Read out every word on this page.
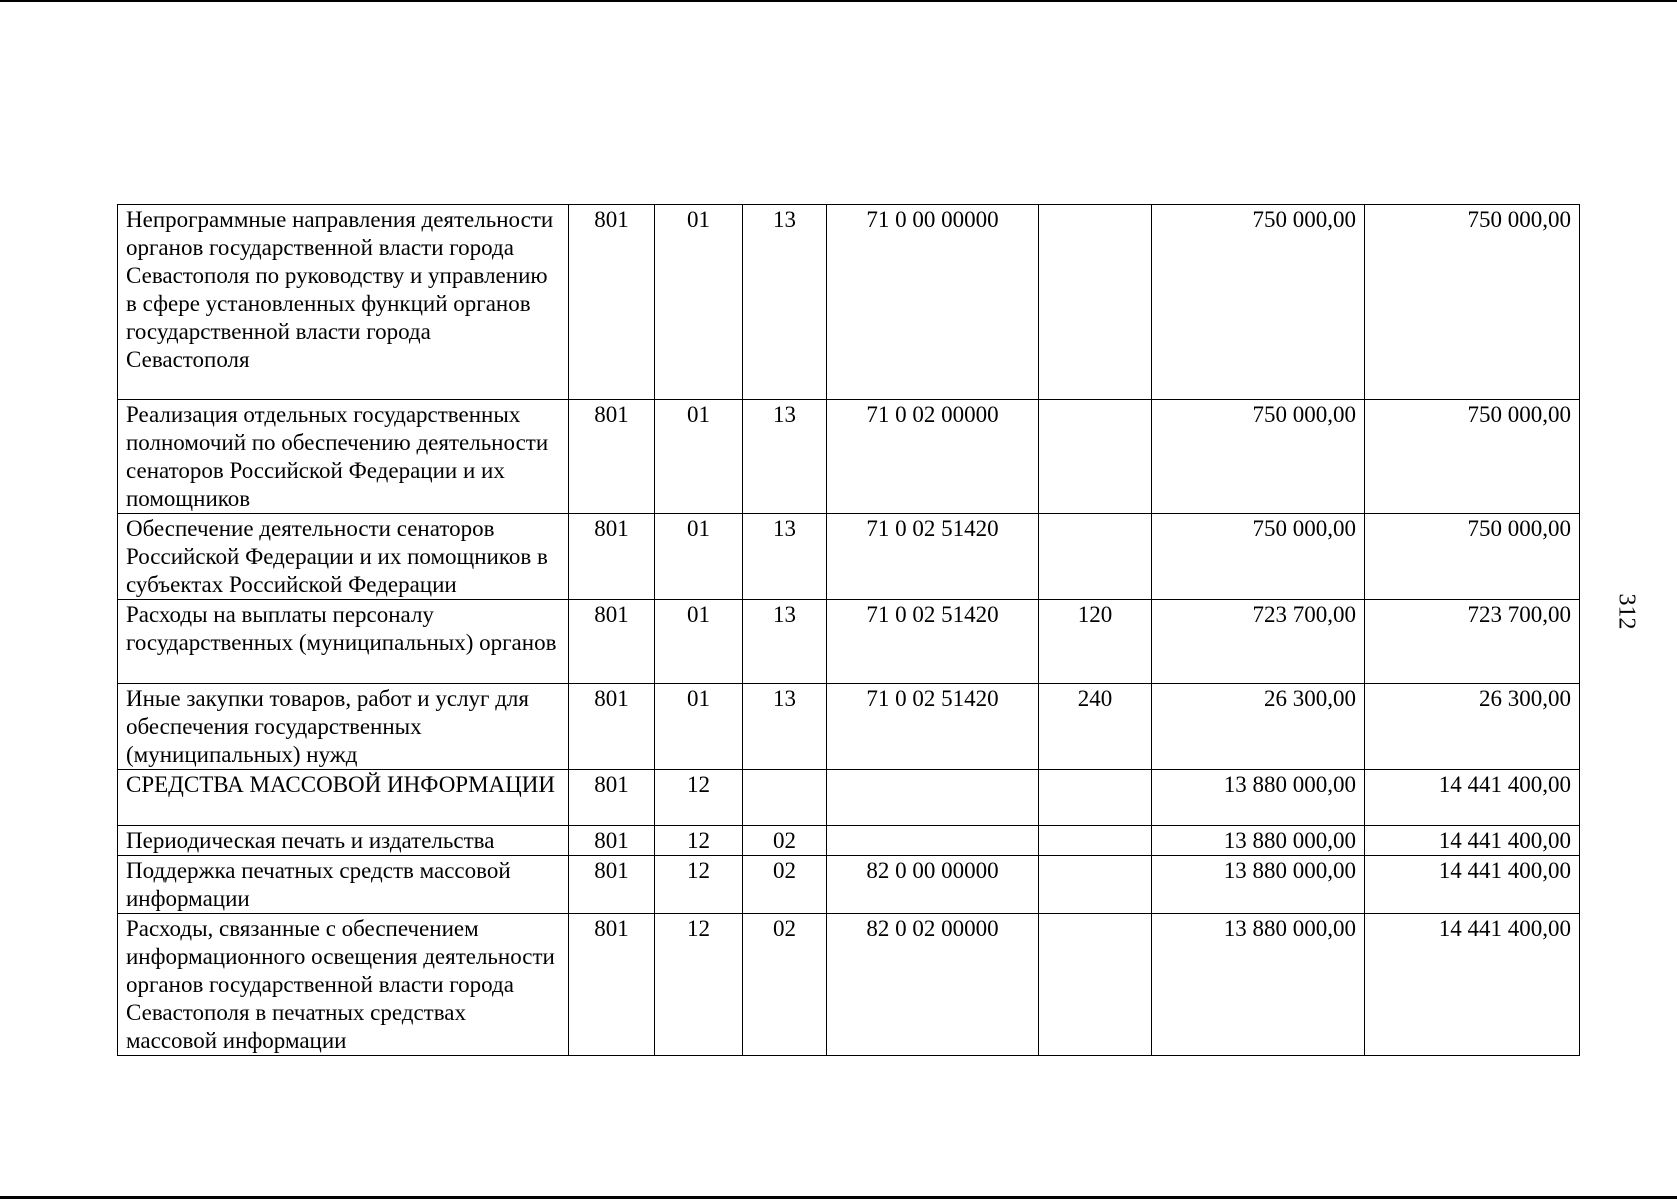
Непрограммные направления деятельности органов государственной власти города Севастополя по руководству и управлению в сфере установленных функций органов государственной власти города Севастополя	801	01	13	71 0 00 00000		750 000,00	750 000,00
Реализация отдельных государственных полномочий по обеспечению деятельности сенаторов Российской Федерации и их помощников	801	01	13	71 0 02 00000		750 000,00	750 000,00
Обеспечение деятельности сенаторов Российской Федерации и их помощников в субъектах Российской Федерации	801	01	13	71 0 02 51420		750 000,00	750 000,00
Расходы на выплаты персоналу государственных (муниципальных) органов	801	01	13	71 0 02 51420	120	723 700,00	723 700,00
Иные закупки товаров, работ и услуг для обеспечения государственных (муниципальных) нужд	801	01	13	71 0 02 51420	240	26 300,00	26 300,00
СРЕДСТВА МАССОВОЙ ИНФОРМАЦИИ	801	12				13 880 000,00	14 441 400,00
Периодическая печать и издательства	801	12	02			13 880 000,00	14 441 400,00
Поддержка печатных средств массовой информации	801	12	02	82 0 00 00000		13 880 000,00	14 441 400,00
Расходы, связанные с обеспечением информационного освещения деятельности органов государственной власти города Севастополя в печатных средствах массовой информации	801	12	02	82 0 02 00000		13 880 000,00	14 441 400,00
312
